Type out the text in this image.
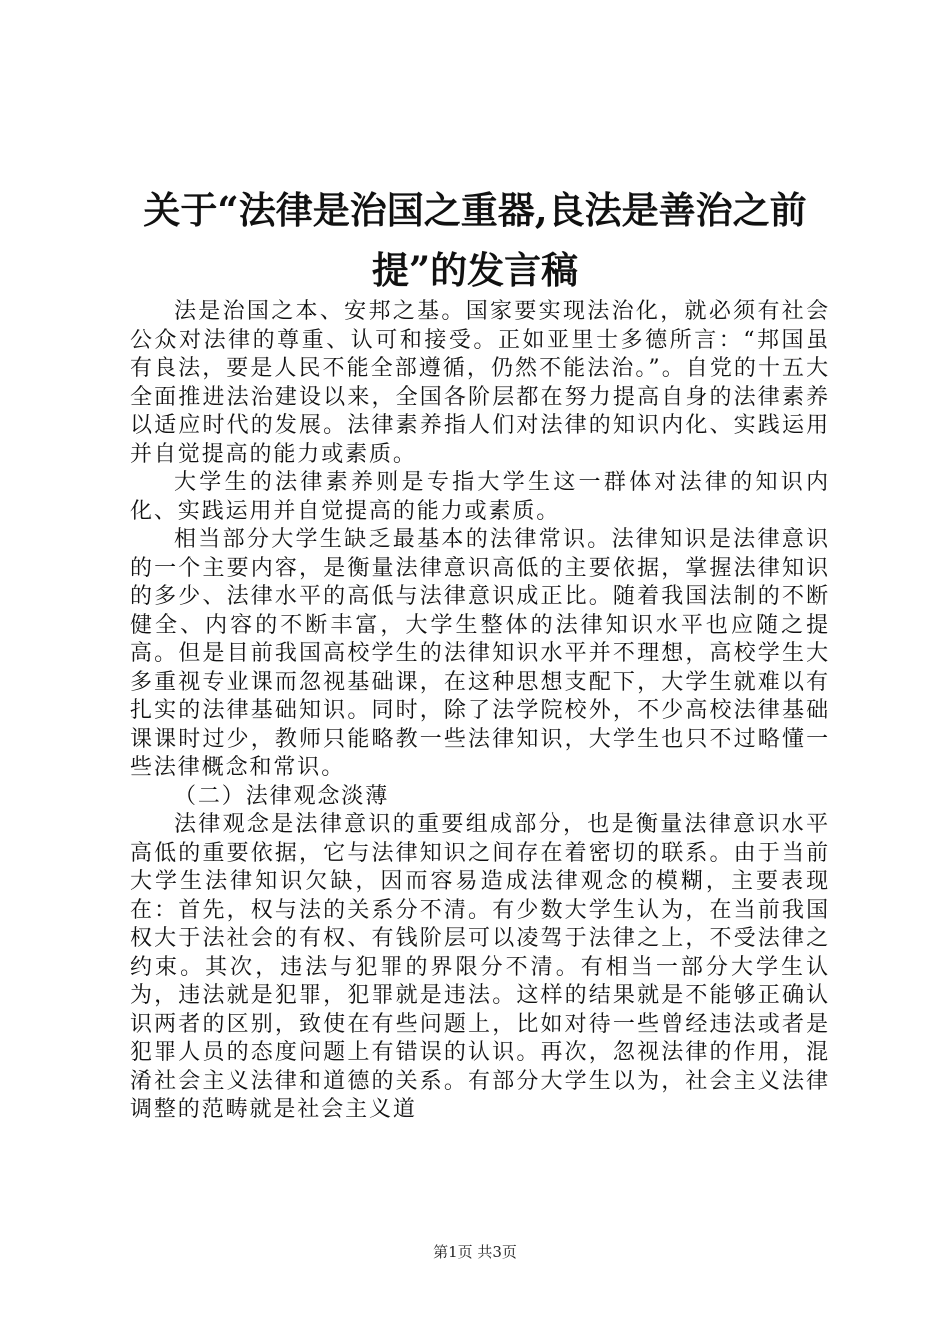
关于“法律是治国之重器,良法是善治之前
提”的发言稿

法是治国之本、安邦之基。国家要实现法治化，就必须有社会公众对法律的尊重、认可和接受。正如亚里士多德所言：“邦国虽有良法，要是人民不能全部遵循，仍然不能法治。”。自党的十五大全面推进法治建设以来，全国各阶层都在努力提高自身的法律素养以适应时代的发展。法律素养指人们对法律的知识内化、实践运用并自觉提高的能力或素质。

大学生的法律素养则是专指大学生这一群体对法律的知识内化、实践运用并自觉提高的能力或素质。

相当部分大学生缺乏最基本的法律常识。法律知识是法律意识的一个主要内容，是衡量法律意识高低的主要依据，掌握法律知识的多少、法律水平的高低与法律意识成正比。随着我国法制的不断健全、内容的不断丰富，大学生整体的法律知识水平也应随之提高。但是目前我国高校学生的法律知识水平并不理想，高校学生大多重视专业课而忽视基础课，在这种思想支配下，大学生就难以有扎实的法律基础知识。同时，除了法学院校外，不少高校法律基础课课时过少，教师只能略教一些法律知识，大学生也只不过略懂一些法律概念和常识。

（二）法律观念淡薄

法律观念是法律意识的重要组成部分，也是衡量法律意识水平高低的重要依据，它与法律知识之间存在着密切的联系。由于当前大学生法律知识欠缺，因而容易造成法律观念的模糊，主要表现在：首先，权与法的关系分不清。有少数大学生认为，在当前我国权大于法社会的有权、有钱阶层可以凌驾于法律之上，不受法律之约束。其次，违法与犯罪的界限分不清。有相当一部分大学生认为，违法就是犯罪，犯罪就是违法。这样的结果就是不能够正确认识两者的区别，致使在有些问题上，比如对待一些曾经违法或者是犯罪人员的态度问题上有错误的认识。再次，忽视法律的作用，混淆社会主义法律和道德的关系。有部分大学生以为，社会主义法律调整的范畴就是社会主义道

第1页 共3页
